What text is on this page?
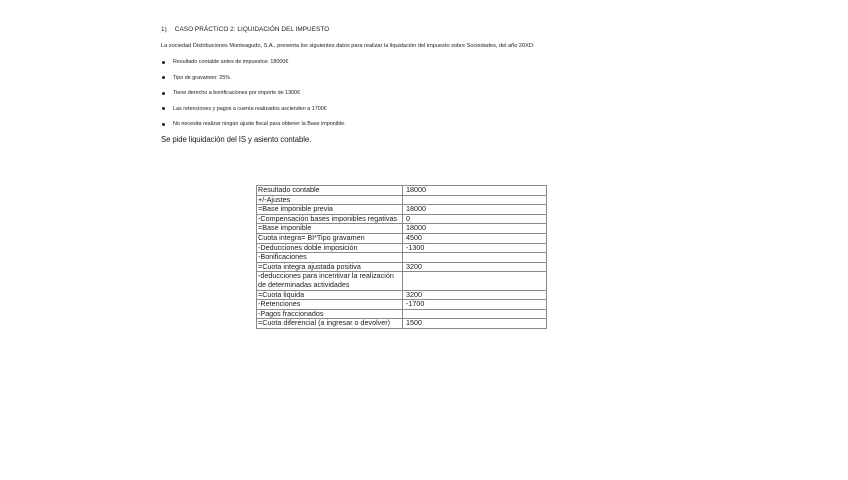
1) CASO PRÁCTICO 2: LIQUIDACIÓN DEL IMPUESTO
La sociedad Distribuciones Monteagudo, S.A., presenta los siguientes datos para realizar la liquidación del impuesto sobre Sociedades, del año 20XD:
Resultado contable antes de impuestos: 18000€
Tipo de gravamen: 25%
Tiene derecho a bonificaciones por importe de 1300€
Las retenciones y pagos a cuenta realizados ascienden a 1700€
No necesita realizar ningún ajuste fiscal para obtener la Base imponible.
Se pide liquidación del IS y asiento contable.
Resultado contable	18000
+/-Ajustes	
=Base imponible previa	18000
-Compensación bases imponibles regativas	0
=Base imponible	18000
Cuota integra= BI*Tipo gravamen	4500
-Deducciones doble imposición	-1300
-Bonificaciones	
=Cuota integra ajustada positiva	3200
-deducciones para incentivar la realización de determinadas actividades	
=Cuota liquida	3200
-Retenciones	-1700
-Pagos fraccionados	
=Cuota diferencial (a ingresar o devolver)	1500
